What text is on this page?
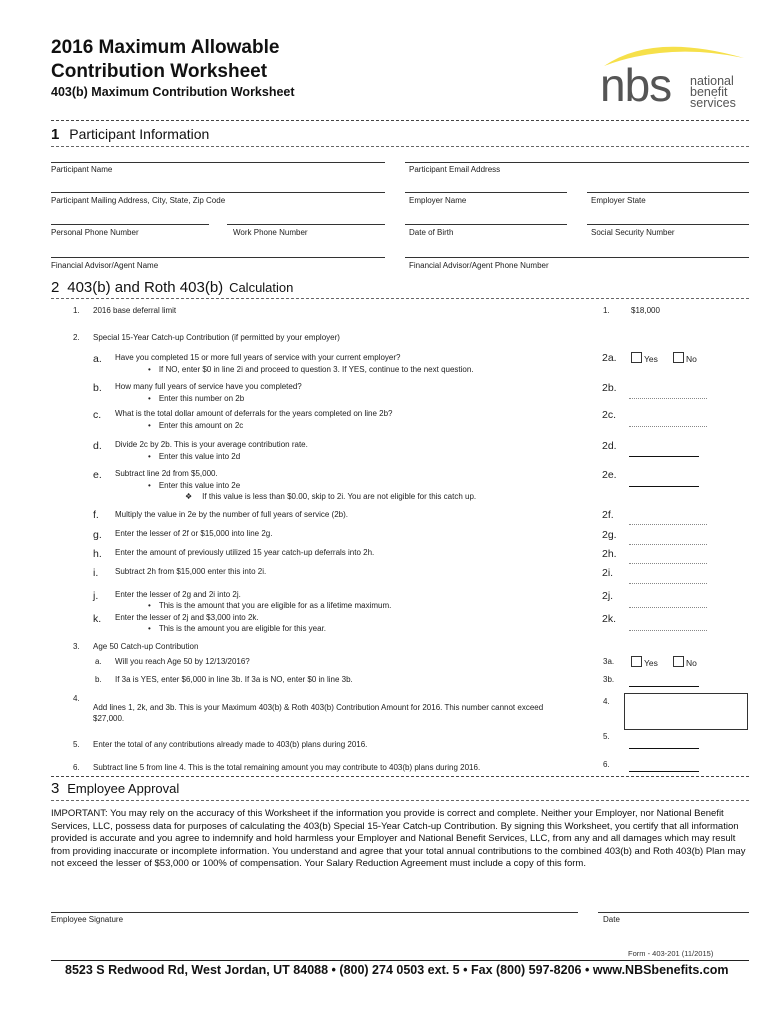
2016 Maximum Allowable
Contribution Worksheet
403(b) Maximum Contribution Worksheet	nbs national
benefit
services
1 Participant Information
Participant Name	Participant Email Address
Participant Mailing Address, City, State, Zip Code	Employer Name	Employer State
Personal Phone Number	Work Phone Number	Date of Birth	Social Security Number
Financial Advisor/Agent Name	Financial Advisor/Agent Phone Number
2 403(b) and Roth 403(b) Calculation
1. 2016 base deferral limit	1.	$18,000
2. Special 15-Year Catch-up Contribution (if permitted by your employer)
a. Have you completed 15 or more full years of service with your current employer?
• If NO, enter $0 in line 2i and proceed to question 3. If YES, continue to the next question.
2a.	Yes	No
b. How many full years of service have you completed?
• Enter this number on 2b
2b.
c. What is the total dollar amount of deferrals for the years completed on line 2b?
• Enter this amount on 2c
2c.
d. Divide 2c by 2b. This is your average contribution rate.
• Enter this value into 2d
2d.
e. Subtract line 2d from $5,000.
• Enter this value into 2e
❖ If this value is less than $0.00, skip to 2i. You are not eligible for this catch up.
2e.
f. Multiply the value in 2e by the number of full years of service (2b).	2f.
g. Enter the lesser of 2f or $15,000 into line 2g.	2g.
h. Enter the amount of previously utilized 15 year catch-up deferrals into 2h.	2h.
i. Subtract 2h from $15,000 enter this into 2i.	2i.
j. Enter the lesser of 2g and 2i into 2j.
• This is the amount that you are eligible for as a lifetime maximum.
2j.
k. Enter the lesser of 2j and $3,000 into 2k.
• This is the amount you are eligible for this year.
2k.
3. Age 50 Catch-up Contribution
a. Will you reach Age 50 by 12/13/2016?	3a.	Yes	No
b. If 3a is YES, enter $6,000 in line 3b. If 3a is NO, enter $0 in line 3b.	3b.
4.
Add lines 1, 2k, and 3b. This is your Maximum 403(b) & Roth 403(b) Contribution Amount for 2016. This number cannot exceed $27,000.
4.
5. Enter the total of any contributions already made to 403(b) plans during 2016.
5.
6. Subtract line 5 from line 4. This is the total remaining amount you may contribute to 403(b) plans during 2016.	6.
3 Employee Approval
IMPORTANT: You may rely on the accuracy of this Worksheet if the information you provide is correct and complete. Neither your Employer, nor National Benefit Services, LLC, possess data for purposes of calculating the 403(b) Special 15-Year Catch-up Contribution. By signing this Worksheet, you certify that all information provided is accurate and you agree to indemnify and hold harmless your Employer and National Benefit Services, LLC, from any and all damages which may result from providing inaccurate or incomplete information. You understand and agree that your total annual contributions to the combined 403(b) and Roth 403(b) Plan may not exceed the lesser of $53,000 or 100% of compensation. Your Salary Reduction Agreement must include a copy of this form.
Employee Signature	Date
Form - 403-201 (11/2015)
8523 S Redwood Rd, West Jordan, UT 84088 • (800) 274 0503 ext. 5 • Fax (800) 597-8206 • www.NBSbenefits.com
